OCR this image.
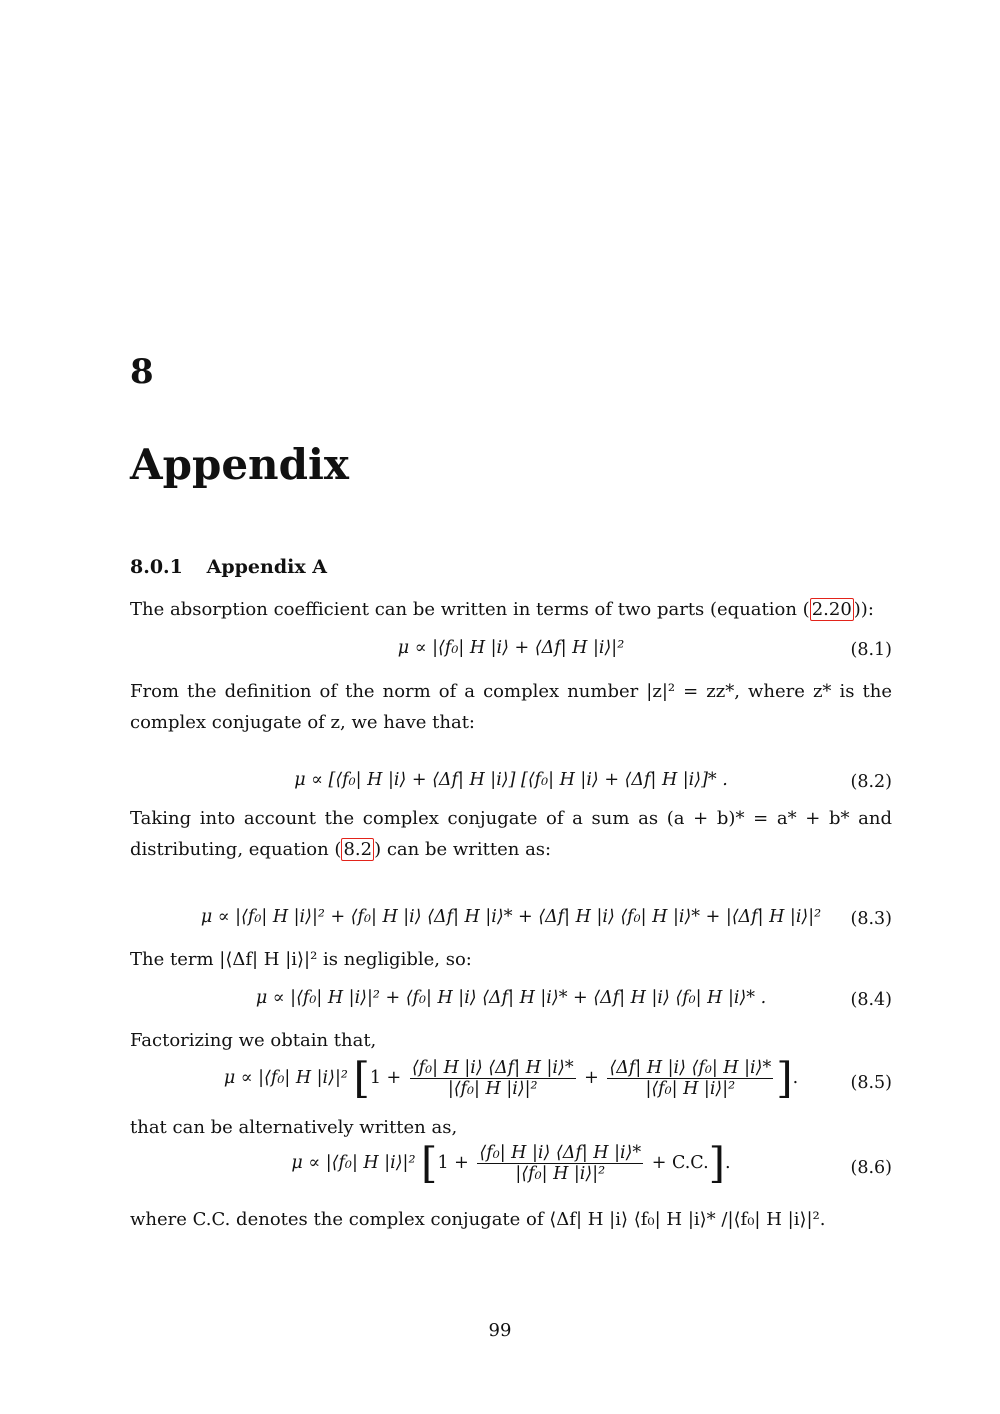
8
Appendix
8.0.1 Appendix A
The absorption coefficient can be written in terms of two parts (equation ( 2.20 )):
μ ∝ |⟨f₀| H |i⟩ + ⟨Δf| H |i⟩|²	(8.1)
From the definition of the norm of a complex number |z|² = zz*, where z* is the complex conjugate of z, we have that:
μ ∝ [⟨f₀| H |i⟩ + ⟨Δf| H |i⟩] [⟨f₀| H |i⟩ + ⟨Δf| H |i⟩]* .	(8.2)
Taking into account the complex conjugate of a sum as (a + b)* = a* + b* and distributing, equation ( 8.2 ) can be written as:
μ ∝ |⟨f₀| H |i⟩|² + ⟨f₀| H |i⟩ ⟨Δf| H |i⟩* + ⟨Δf| H |i⟩ ⟨f₀| H |i⟩* + |⟨Δf| H |i⟩|²	(8.3)
The term |⟨Δf| H |i⟩|² is negligible, so:
μ ∝ |⟨f₀| H |i⟩|² + ⟨f₀| H |i⟩ ⟨Δf| H |i⟩* + ⟨Δf| H |i⟩ ⟨f₀| H |i⟩* .	(8.4)
Factorizing we obtain that,
μ ∝ |⟨f₀| H |i⟩|² [$1 + \frac{\text{⟨f₀| H |i⟩ ⟨Δf| H |i⟩*}}{\text{|⟨f₀| H |i⟩|²}} + \frac{\text{⟨Δf| H |i⟩ ⟨f₀| H |i⟩*}}{\text{|⟨f₀| H |i⟩|²}}$ ].	(8.5)
that can be alternatively written as,
μ ∝ |⟨f₀| H |i⟩|² $[1 + \frac{\text{⟨f₀| H |i⟩ ⟨Δf| H |i⟩*}}{\text{|⟨f₀| H |i⟩|²}} + C.C.]$.	(8.6)
where C.C. denotes the complex conjugate of ⟨Δf| H |i⟩ ⟨f₀| H |i⟩* /|⟨f₀| H |i⟩|².
99
